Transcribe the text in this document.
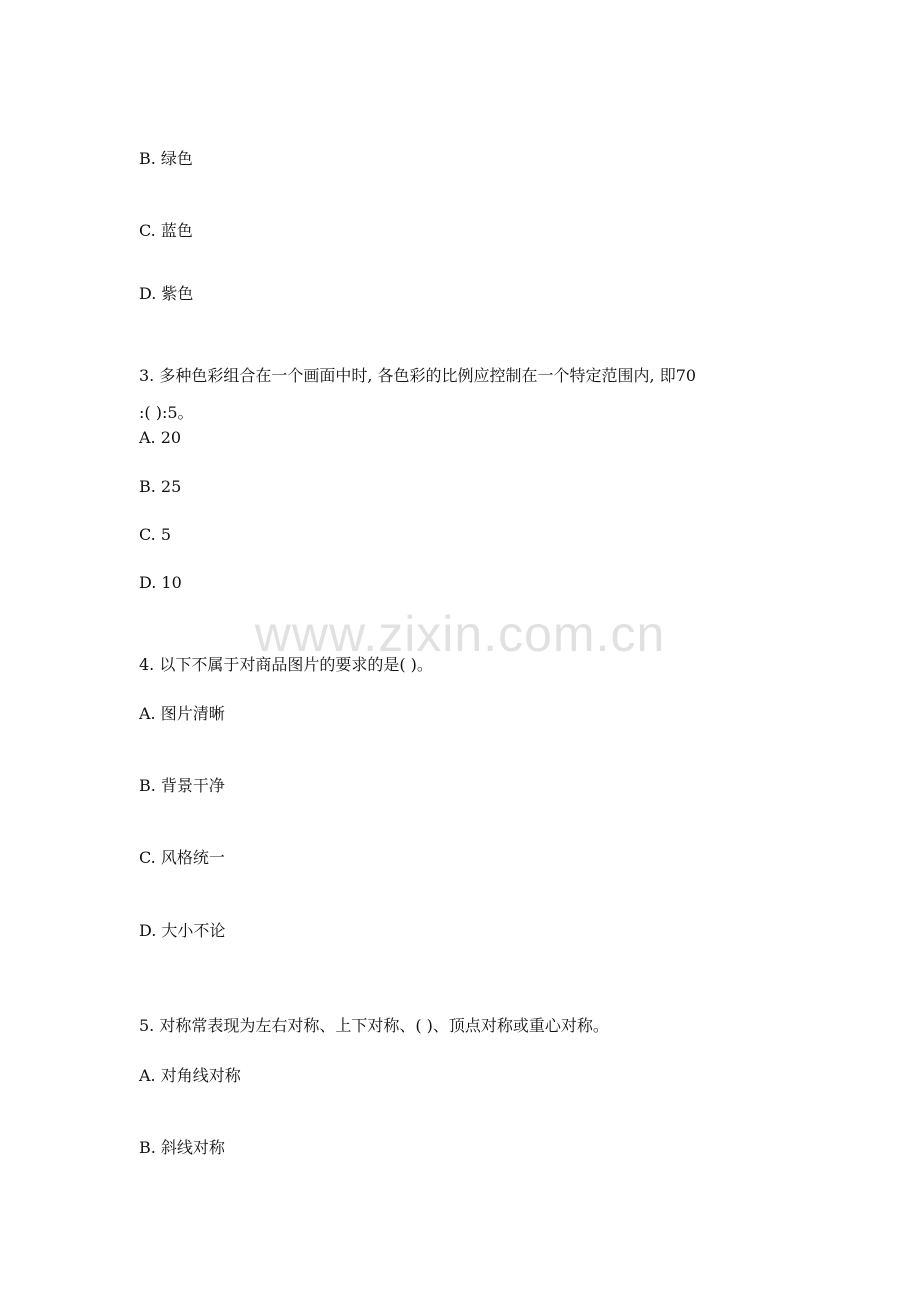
B. 绿色
C. 蓝色
D. 紫色
3. 多种色彩组合在一个画面中时, 各色彩的比例应控制在一个特定范围内, 即70
:( ):5。
A. 20
B. 25
C. 5
D. 10
www.zixin.com.cn
4. 以下不属于对商品图片的要求的是( )。
A. 图片清晰
B. 背景干净
C. 风格统一
D. 大小不论
5. 对称常表现为左右对称、上下对称、( )、顶点对称或重心对称。
A. 对角线对称
B. 斜线对称
